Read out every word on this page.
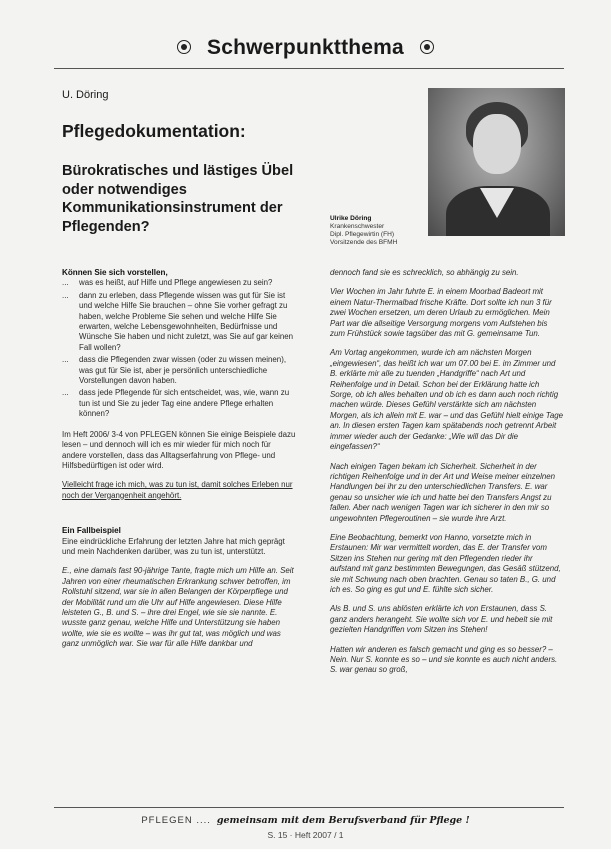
Schwerpunktthema
U. Döring
Pflegedokumentation:
Bürokratisches und lästiges Übel oder notwendiges Kommunikationsinstrument der Pflegenden?	Ulrike Döring
Krankenschwester
Dipl. Pflegewirtin (FH)
Vorsitzende des BFMH
Können Sie sich vorstellen,
... was es heißt, auf Hilfe und Pflege angewiesen zu sein?
... dann zu erleben, dass Pflegende wissen was gut für Sie ist und welche Hilfe Sie brauchen – ohne Sie vorher gefragt zu haben, welche Probleme Sie sehen und welche Hilfe Sie erwarten, welche Lebensgewohnheiten, Bedürfnisse und Wünsche Sie haben und nicht zuletzt, was Sie auf gar keinen Fall wollen?
... dass die Pflegenden zwar wissen (oder zu wissen meinen), was gut für Sie ist, aber je persönlich unterschiedliche Vorstellungen davon haben.
... dass jede Pflegende für sich entscheidet, was, wie, wann zu tun ist und Sie zu jeder Tag eine andere Pflege erhalten können?

Im Heft 2006/ 3-4 von PFLEGEN können Sie einige Beispiele dazu lesen – und dennoch will ich es mir wieder für mich noch für andere vorstellen, dass das Alltagserfahrung von Pflege- und Hilfsbedürftigen ist oder wird.

Vielleicht frage ich mich, was zu tun ist, damit solches Erleben nur noch der Vergangenheit angehört.

Ein Fallbeispiel

Eine eindrückliche Erfahrung der letzten Jahre hat mich geprägt und mein Nachdenken darüber, was zu tun ist, unterstützt.

E., eine damals fast 90-jährige Tante, fragte mich um Hilfe an. Seit Jahren von einer rheumatischen Erkrankung schwer betroffen, im Rollstuhl sitzend, war sie in allen Belangen der Körperpflege und der Mobilität rund um die Uhr auf Hilfe angewiesen. Diese Hilfe leisteten G., B. und S. – ihre drei Engel, wie sie sie nannte. E. wusste ganz genau, welche Hilfe und Unterstützung sie haben wollte, wie sie es wollte – was ihr gut tat, was möglich und was ganz unmöglich war. Sie war für alle Hilfe dankbar und

dennoch fand sie es schrecklich, so abhängig zu sein.

Vier Wochen im Jahr fuhrte E. in einem Moorbad Badeort mit einem Natur-Thermalbad frische Kräfte. Dort sollte ich nun 3 für zwei Wochen ersetzen, um deren Urlaub zu ermöglichen. Mein Part war die allseitige Versorgung morgens vom Aufstehen bis zum Frühstück sowie tagsüber das mit G. gemeinsame Tun.

Am Vortag angekommen, wurde ich am nächsten Morgen „eingewiesen“, das heißt ich war um 07.00 bei E. im Zimmer und B. erklärte mir alle zu tuenden „Handgriffe“ nach Art und Reihenfolge und in Detail. Schon bei der Erklärung hatte ich Sorge, ob ich alles behalten und ob ich es dann auch noch richtig machen würde. Dieses Gefühl verstärkte sich am nächsten Morgen, als ich allein mit E. war – und das Gefühl hielt einige Tage an. In diesen ersten Tagen kam spätabends noch getrennt Arbeit immer wieder auch der Gedanke: „Wie will das Dir die eingefassen?“

Nach einigen Tagen bekam ich Sicherheit. Sicherheit in der richtigen Reihenfolge und in der Art und Weise meiner einzelnen Handlungen bei ihr zu den unterschiedlichen Transfers. E. war genau so unsicher wie ich und hatte bei den Transfers Angst zu fallen. Aber nach wenigen Tagen war ich sicherer in den mir so ungewohnten Pflegeroutinen – sie wurde ihre Arzt.

Eine Beobachtung, bemerkt von Hanno, vorsetzte mich in Erstaunen: Mir war vermittelt worden, das E. der Transfer vom Sitzen ins Stehen nur gering mit den Pflegenden rieder ihr aufstand mit ganz bestimmten Bewegungen, das Gesäß stützend, sie mit Schwung nach oben brachten. Genau so taten B., G. und ich es. So ging es gut und E. fühlte sich sicher.

Als B. und S. uns ablösten erklärte ich von Erstaunen, dass S. ganz anders herangeht. Sie wollte sich vor E. und hebelt sie mit gezielten Handgriffen vom Sitzen ins Stehen!

Hatten wir anderen es falsch gemacht und ging es so besser? – Nein. Nur S. konnte es so – und sie konnte es auch nicht anders. S. war genau so groß,

PFLEGEN .... gemeinsam mit dem Berufsverband für Pflege !
S. 15 · Heft 2007 / 1
